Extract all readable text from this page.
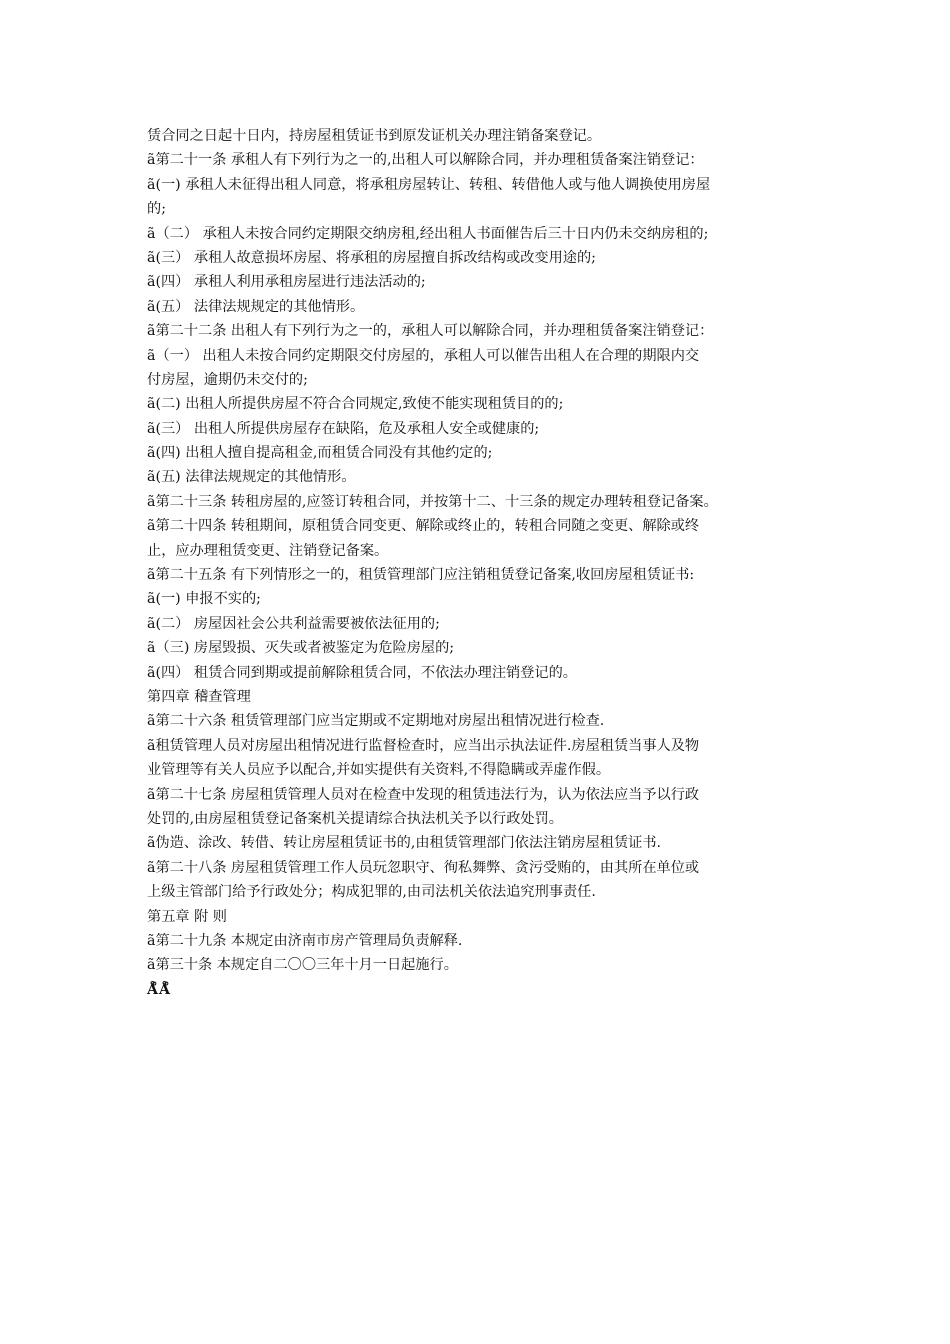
赁合同之日起十日内，持房屋租赁证书到原发证机关办理注销备案登记。
ã第二十一条 承租人有下列行为之一的,出租人可以解除合同，并办理租赁备案注销登记：
ã(一) 承租人未征得出租人同意，将承租房屋转让、转租、转借他人或与他人调换使用房屋
的;
ã（二） 承租人未按合同约定期限交纳房租,经出租人书面催告后三十日内仍未交纳房租的;
ã(三） 承租人故意损坏房屋、将承租的房屋擅自拆改结构或改变用途的;
ã(四） 承租人利用承租房屋进行违法活动的;
ã(五） 法律法规规定的其他情形。
ã第二十二条 出租人有下列行为之一的，承租人可以解除合同，并办理租赁备案注销登记：
ã（一） 出租人未按合同约定期限交付房屋的，承租人可以催告出租人在合理的期限内交
付房屋，逾期仍未交付的;
ã(二) 出租人所提供房屋不符合合同规定,致使不能实现租赁目的的;
ã(三） 出租人所提供房屋存在缺陷，危及承租人安全或健康的;
ã(四) 出租人擅自提高租金,而租赁合同没有其他约定的;
ã(五) 法律法规规定的其他情形。
ã第二十三条 转租房屋的,应签订转租合同，并按第十二、十三条的规定办理转租登记备案。
ã第二十四条 转租期间，原租赁合同变更、解除或终止的，转租合同随之变更、解除或终
止，应办理租赁变更、注销登记备案。
ã第二十五条 有下列情形之一的，租赁管理部门应注销租赁登记备案,收回房屋租赁证书:
ã(一) 申报不实的;
ã(二） 房屋因社会公共利益需要被依法征用的;
ã（三) 房屋毁损、灭失或者被鉴定为危险房屋的;
ã(四） 租赁合同到期或提前解除租赁合同，不依法办理注销登记的。
第四章 稽查管理
ã第二十六条 租赁管理部门应当定期或不定期地对房屋出租情况进行检查.
ã租赁管理人员对房屋出租情况进行监督检查时，应当出示执法证件.房屋租赁当事人及物
业管理等有关人员应予以配合,并如实提供有关资料,不得隐瞒或弄虚作假。
ã第二十七条 房屋租赁管理人员对在检查中发现的租赁违法行为，认为依法应当予以行政
处罚的,由房屋租赁登记备案机关提请综合执法机关予以行政处罚。
ã伪造、涂改、转借、转让房屋租赁证书的,由租赁管理部门依法注销房屋租赁证书.
ã第二十八条 房屋租赁管理工作人员玩忽职守、徇私舞弊、贪污受贿的，由其所在单位或
上级主管部门给予行政处分；构成犯罪的,由司法机关依法追究刑事责任.
第五章 附 则
ã第二十九条 本规定由济南市房产管理局负责解释.
ã第三十条 本规定自二〇〇三年十月一日起施行。
Å̊Å̊
